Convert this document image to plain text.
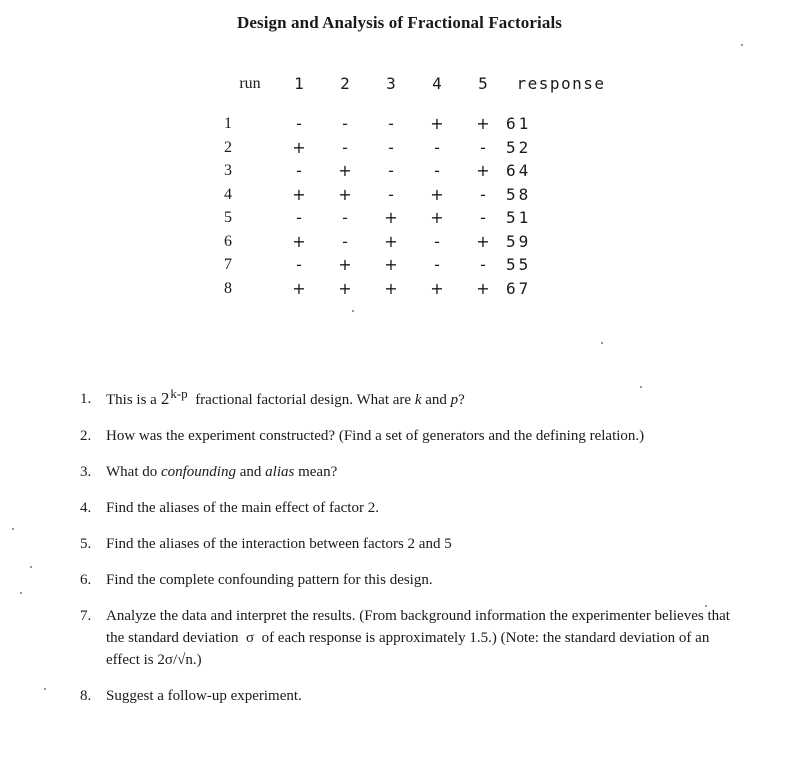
Design and Analysis of Fractional Factorials
run	1	2	3	4	5	response
1	-	-	-	+	+	61
2	+	-	-	-	-	52
3	-	+	-	-	+	64
4	+	+	-	+	-	58
5	-	-	+	+	-	51
6	+	-	+	-	+	59
7	-	+	+	-	-	55
8	+	+	+	+	+	67
1. This is a 2k-p fractional factorial design. What are k and p?
2. How was the experiment constructed? (Find a set of generators and the defining relation.)
3. What do confounding and alias mean?
4. Find the aliases of the main effect of factor 2.
5. Find the aliases of the interaction between factors 2 and 5
6. Find the complete confounding pattern for this design.
7. Analyze the data and interpret the results. (From background information the experimenter believes that the standard deviation σ of each response is approximately 1.5.) (Note: the standard deviation of an effect is 2σ/√n.)
8. Suggest a follow-up experiment.
